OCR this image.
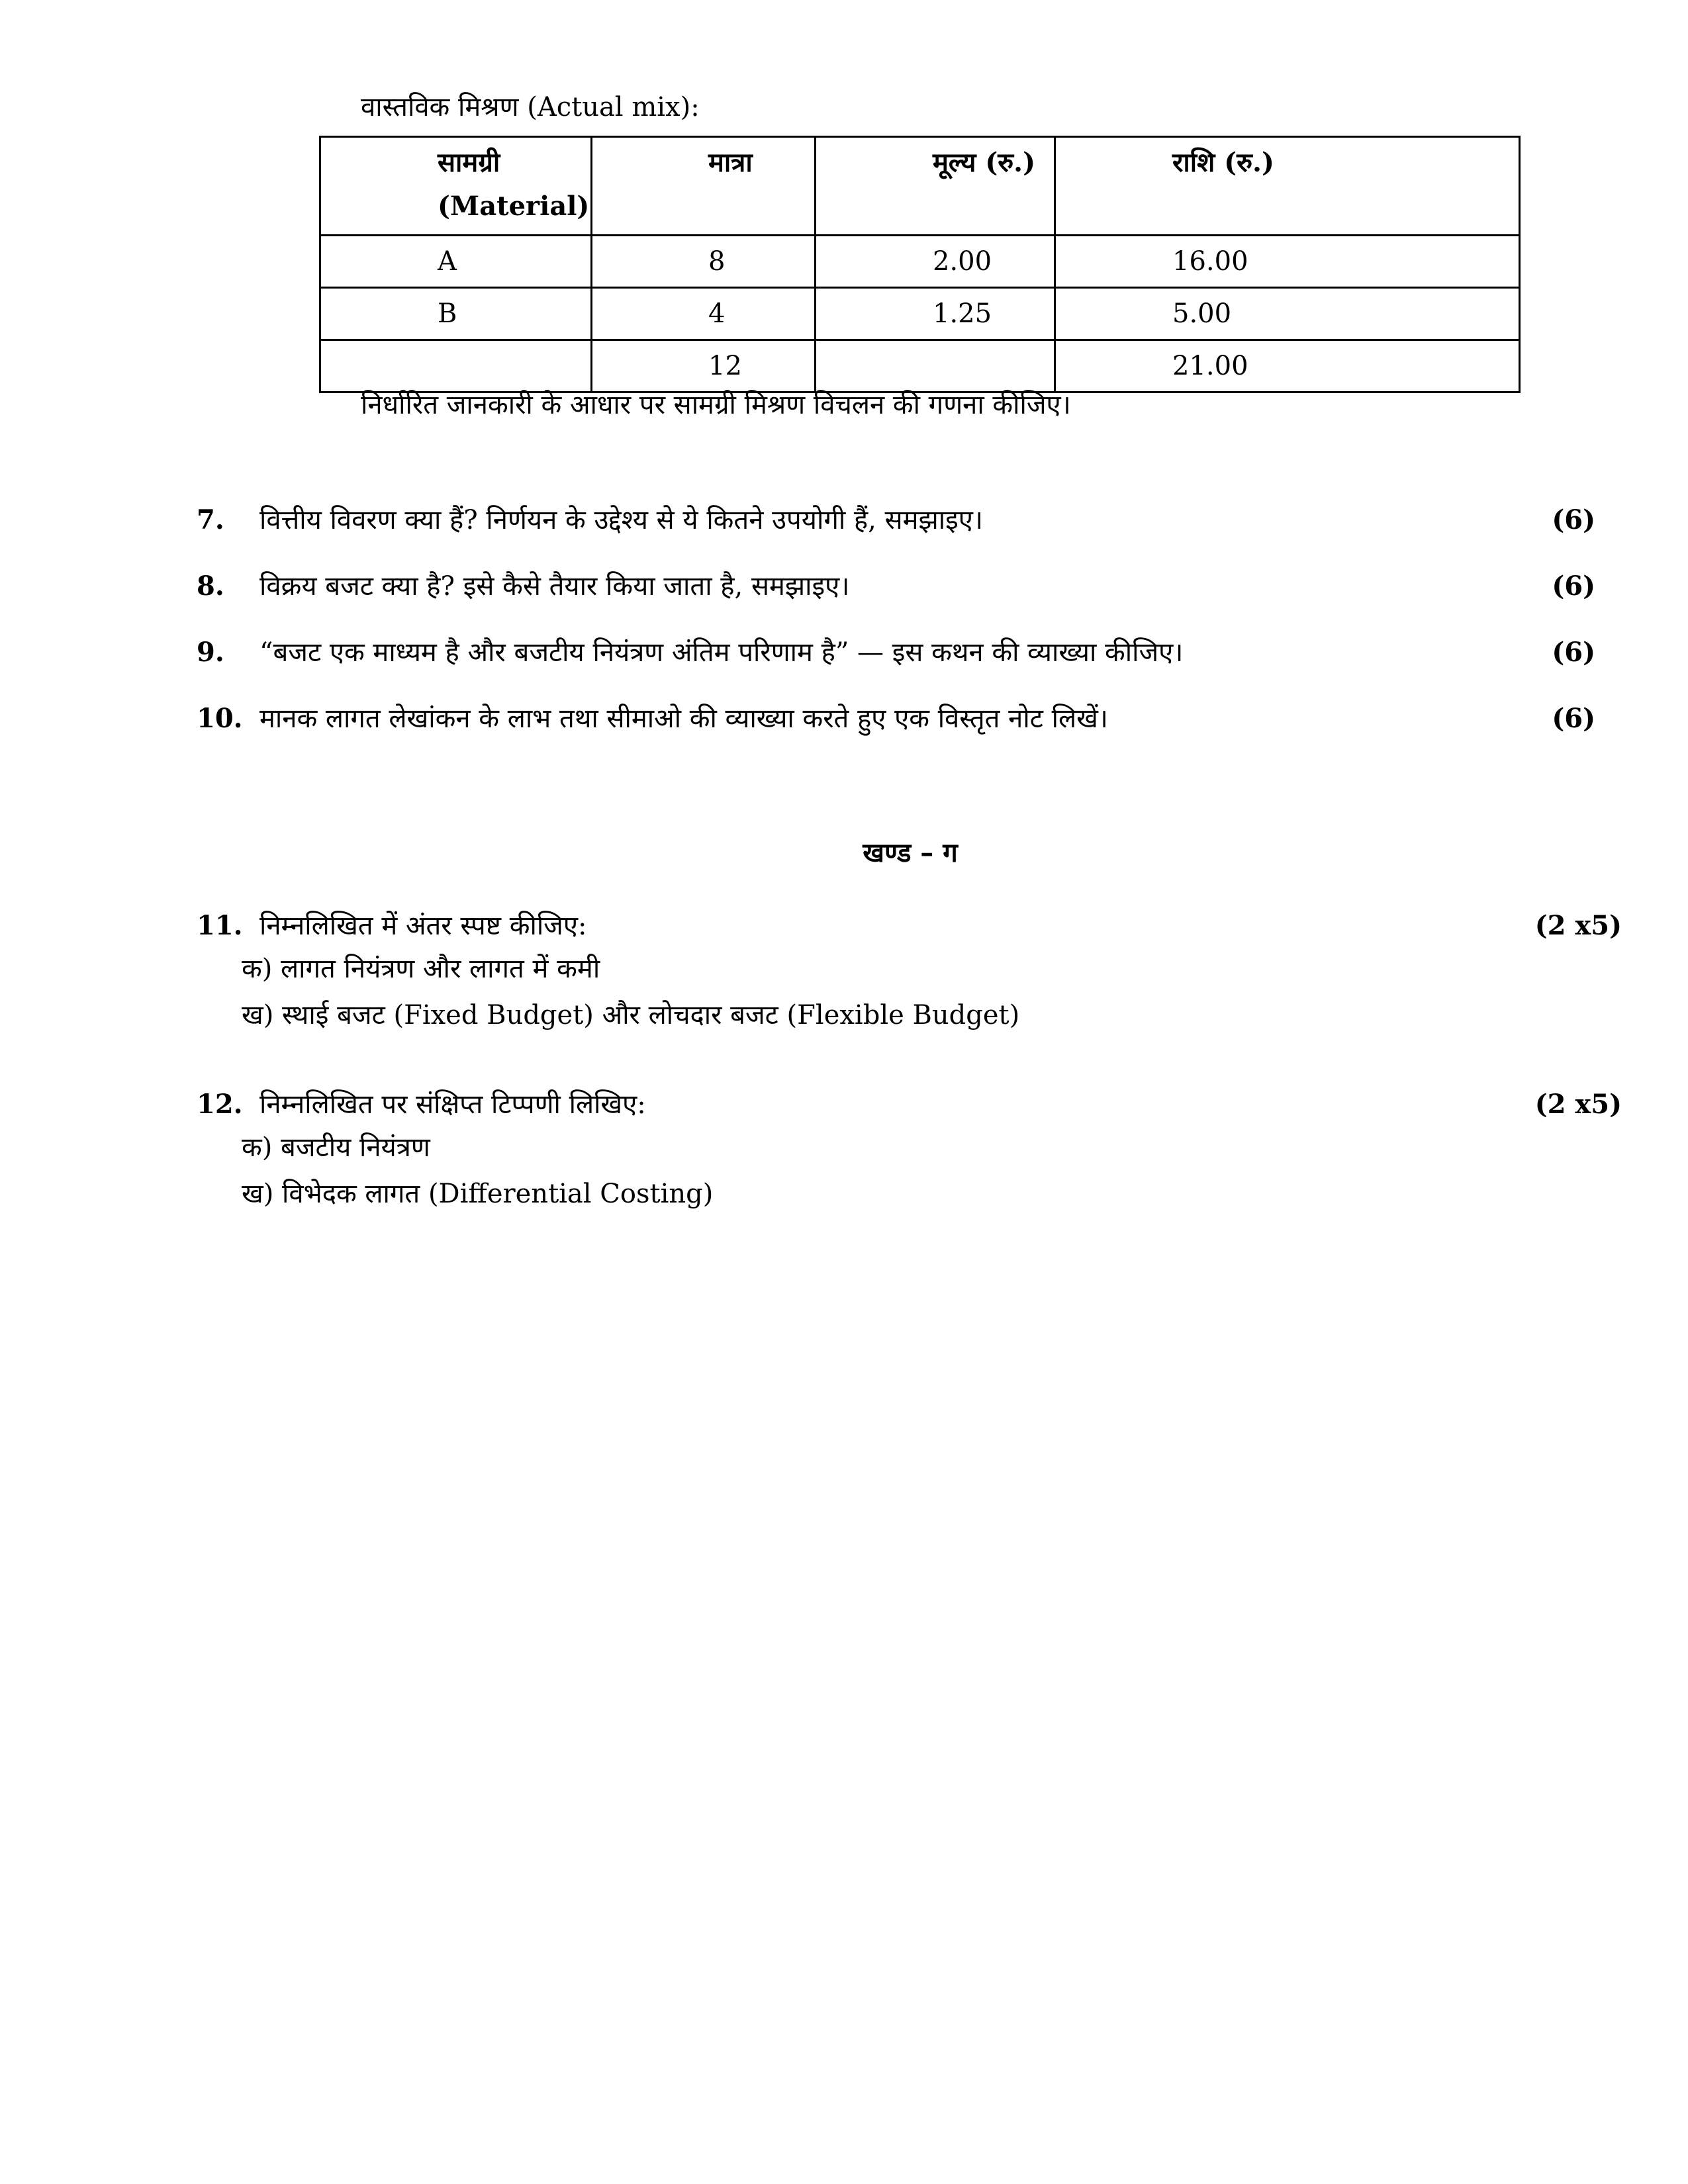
वास्तविक मिश्रण (Actual mix):
सामग्री
(Material)	मात्रा	मूल्य (रु.)	राशि (रु.)
A	8	2.00	16.00
B	4	1.25	5.00
	12		21.00
निर्धारित जानकारी के आधार पर सामग्री मिश्रण विचलन की गणना कीजिए।
7. वित्तीय विवरण क्या हैं? निर्णयन के उद्देश्य से ये कितने उपयोगी हैं, समझाइए।	(6)
8. विक्रय बजट क्या है? इसे कैसे तैयार किया जाता है, समझाइए।	(6)
9. “बजट एक माध्यम है और बजटीय नियंत्रण अंतिम परिणाम है” — इस कथन की व्याख्या कीजिए।	(6)
10. मानक लागत लेखांकन के लाभ तथा सीमाओ की व्याख्या करते हुए एक विस्तृत नोट लिखें।	(6)
खण्ड – ग
11. निम्नलिखित में अंतर स्पष्ट कीजिए:	(2 x5)
क) लागत नियंत्रण और लागत में कमी
ख) स्थाई बजट (Fixed Budget) और लोचदार बजट (Flexible Budget)
12. निम्नलिखित पर संक्षिप्त टिप्पणी लिखिए:	(2 x5)
क) बजटीय नियंत्रण
ख) विभेदक लागत (Differential Costing)
